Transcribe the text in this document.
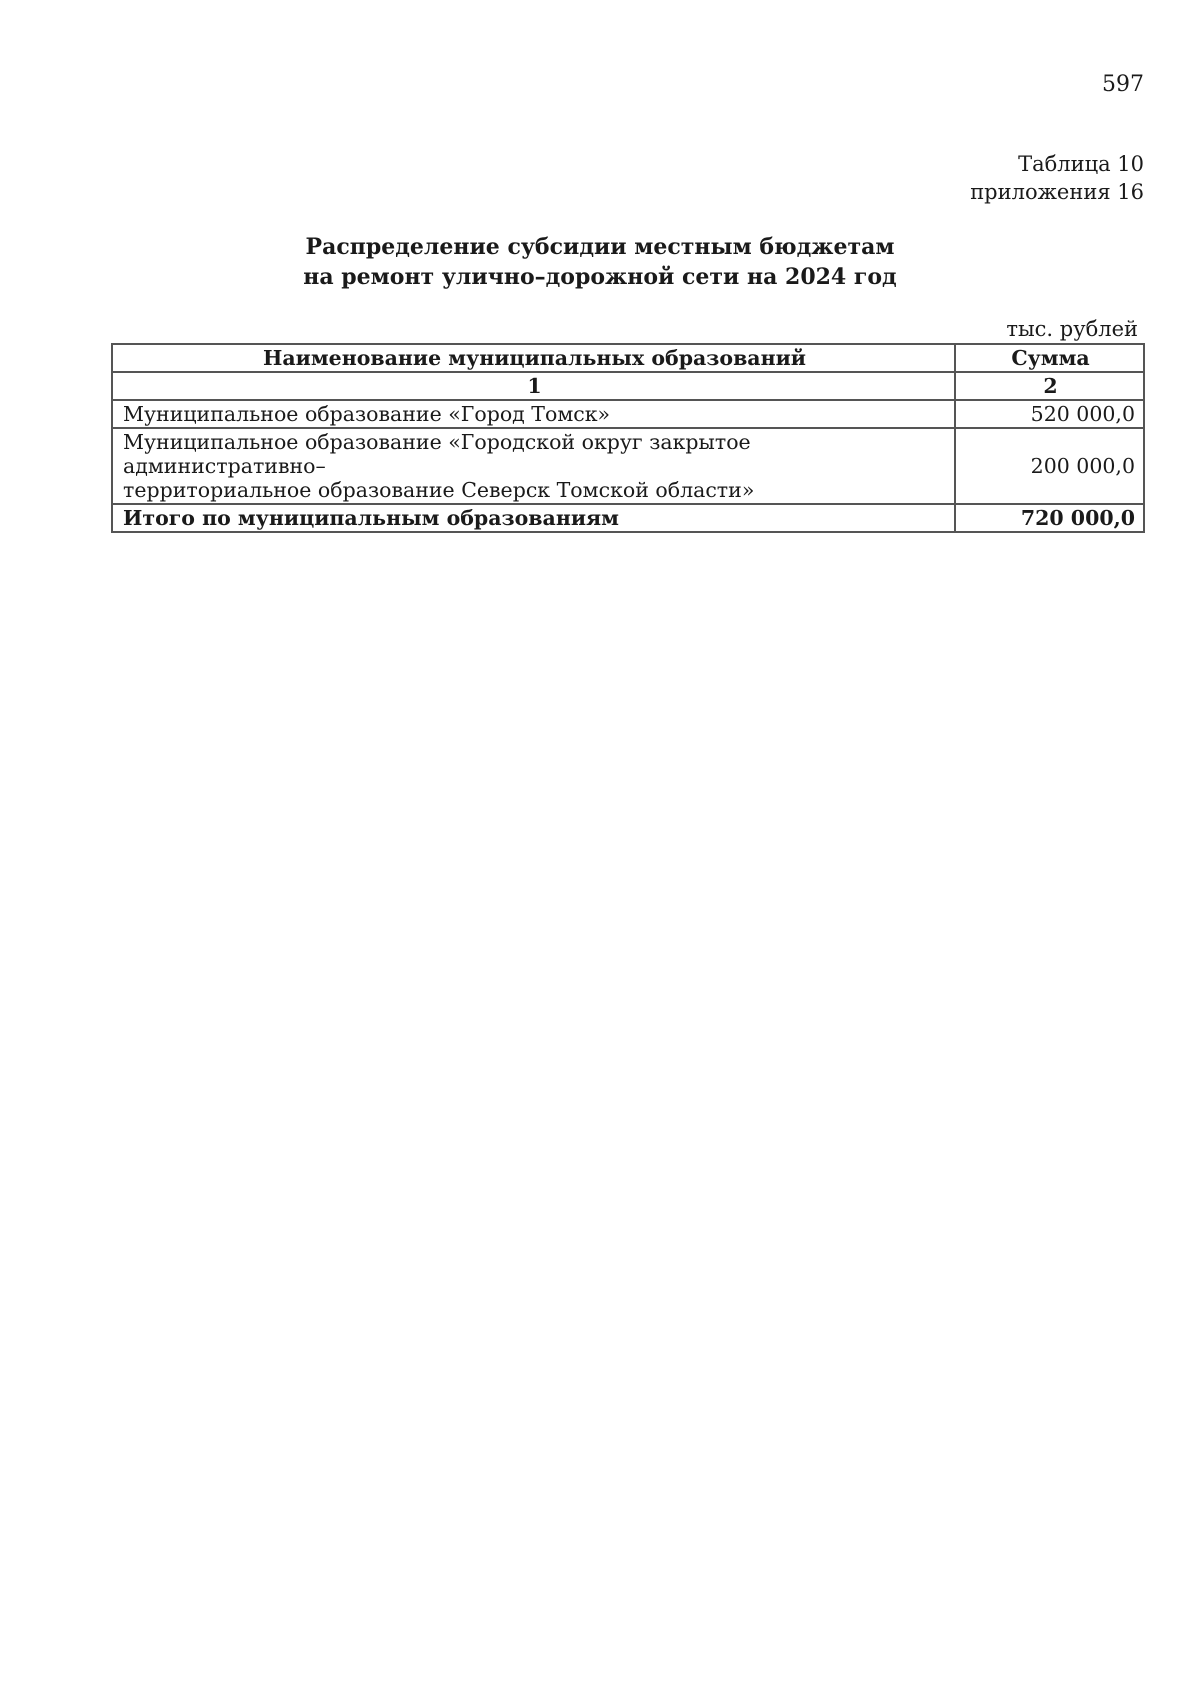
597
Таблица 10
приложения 16
Распределение субсидии местным бюджетам
на ремонт улично–дорожной сети на 2024 год
тыс. рублей
Наименование муниципальных образований	Сумма
1	2
Муниципальное образование «Город Томск»	520 000,0

Муниципальное образование «Городской округ закрытое административно–
территориальное образование Северск Томской области»	200 000,0
Итого по муниципальным образованиям	720 000,0
